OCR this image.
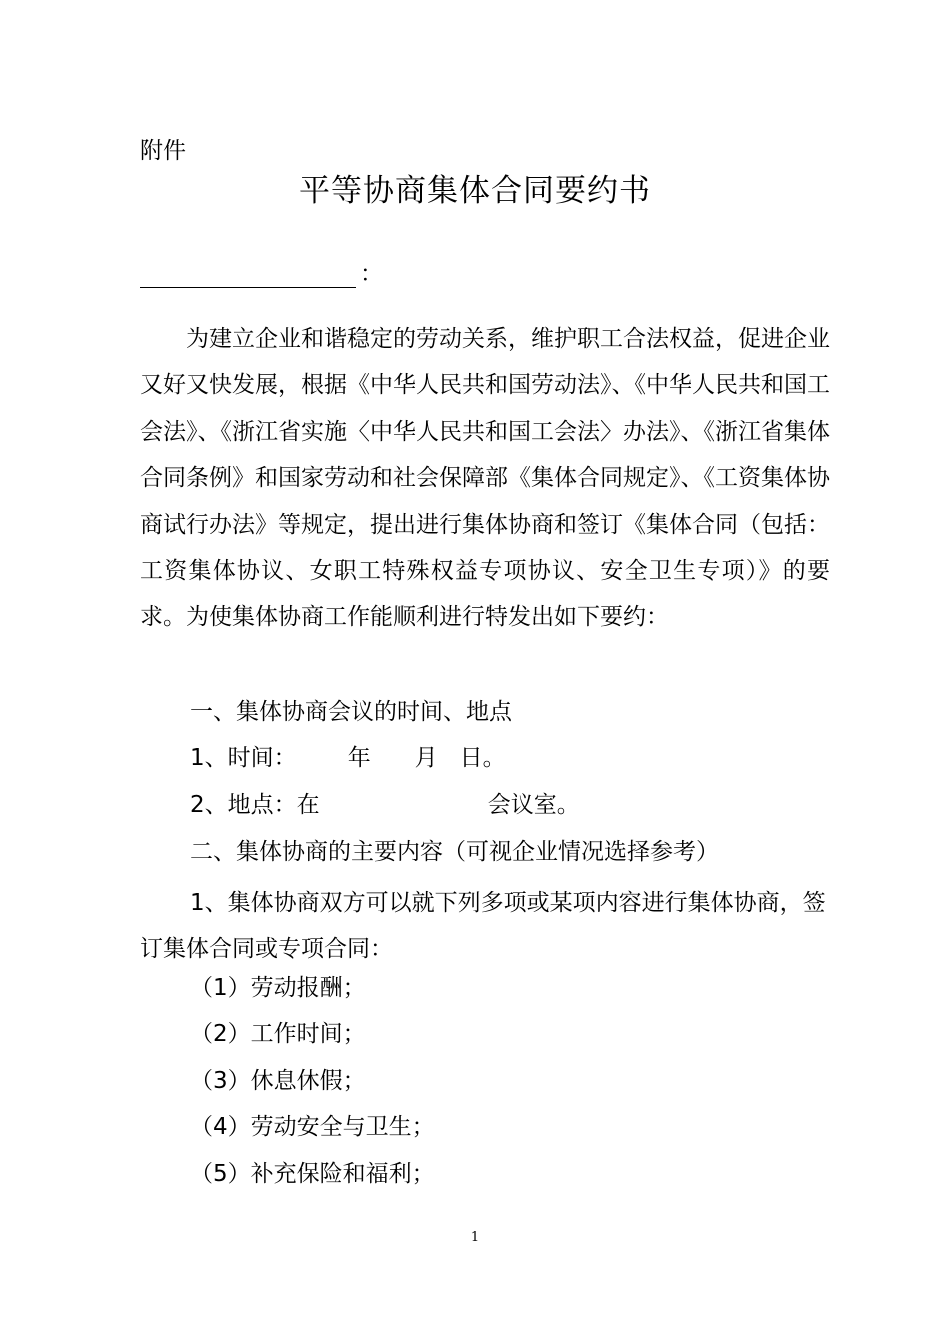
附件
平等协商集体合同要约书
：

为建立企业和谐稳定的劳动关系，维护职工合法权益，促进企业又好又快发展，根据《中华人民共和国劳动法》、《中华人民共和国工会法》、《浙江省实施〈中华人民共和国工会法〉办法》、《浙江省集体合同条例》和国家劳动和社会保障部《集体合同规定》、《工资集体协商试行办法》等规定，提出进行集体协商和签订《集体合同（包括：工资集体协议、女职工特殊权益专项协议、安全卫生专项）》的要求。为使集体协商工作能顺利进行特发出如下要约：

一、集体协商会议的时间、地点
1、时间：       年      月   日。
2、地点：在                       会议室。
二、集体协商的主要内容（可视企业情况选择参考）
1、集体协商双方可以就下列多项或某项内容进行集体协商，签订集体合同或专项合同：
（1）劳动报酬；
（2）工作时间；
（3）休息休假；
（4）劳动安全与卫生；
（5）补充保险和福利；
1
